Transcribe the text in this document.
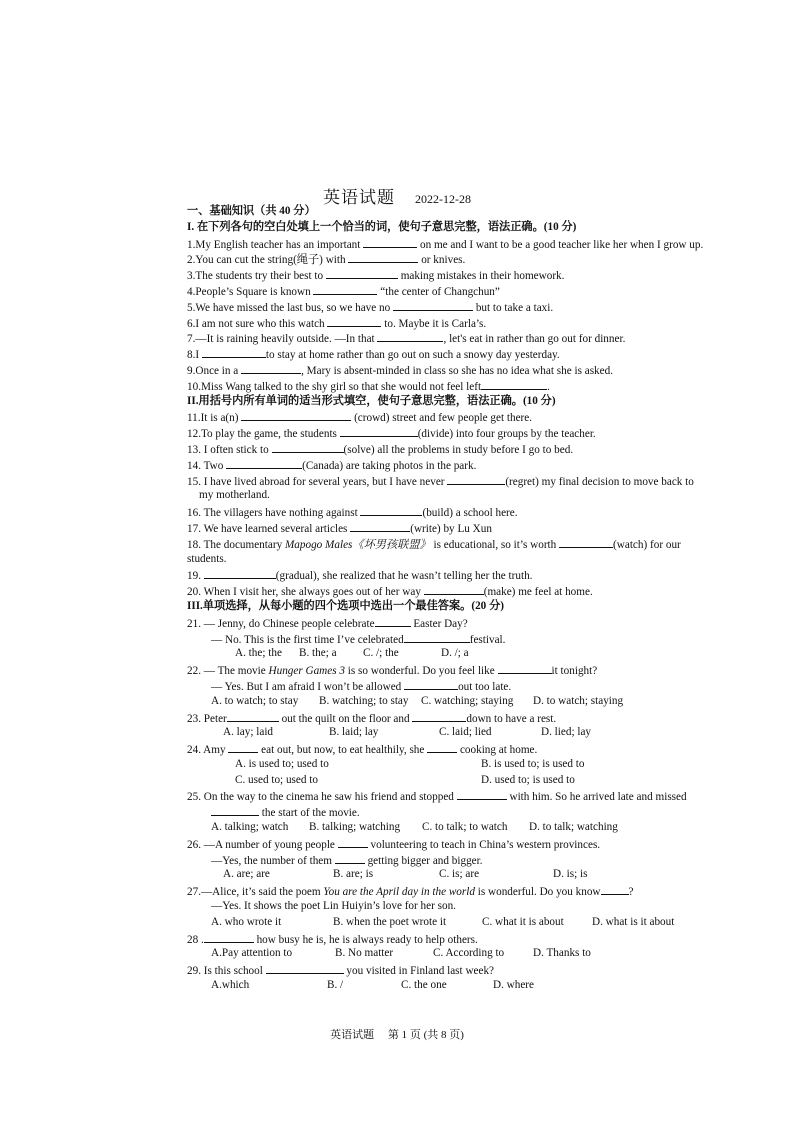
英语试题 2022-12-28
一、基础知识（共 40 分）
I. 在下列各句的空白处填上一个恰当的词，使句子意思完整，语法正确。(10 分)
1.My English teacher has an important	on me and I want to be a good teacher like her when I grow up.
2.You can cut the string(绳子) with	or knives.
3.The students try their best to	making mistakes in their homework.
4.People’s Square is known	“the center of Changchun”
5.We have missed the last bus, so we have no	but to take a taxi.
6.I am not sure who this watch	to. Maybe it is Carla’s.
7.—It is raining heavily outside. —In that	, let's eat in rather than go out for dinner.
8.I	to stay at home rather than go out on such a snowy day yesterday.
9.Once in a	, Mary is absent-minded in class so she has no idea what she is asked.
10.Miss Wang talked to the shy girl so that she would not feel left	.
II.用括号内所有单词的适当形式填空，使句子意思完整，语法正确。(10 分)
11.It is a(n)	(crowd) street and few people get there.
12.To play the game, the students	(divide) into four groups by the teacher.
13. I often stick to	(solve) all the problems in study before I go to bed.
14. Two	(Canada) are taking photos in the park.
15. I have lived abroad for several years, but I have never	(regret) my final decision to move back to
my motherland.
16. The villagers have nothing against	(build) a school here.
17. We have learned several articles	(write) by Lu Xun
18. The documentary Mapogo Males《坏男孩联盟》 is educational, so it’s worth	(watch) for our
students.
19.	(gradual), she realized that he wasn’t telling her the truth.
20. When I visit her, she always goes out of her way	(make) me feel at home.
III.单项选择，从每小题的四个选项中选出一个最佳答案。(20 分)
21. — Jenny, do Chinese people celebrate	Easter Day?
— No. This is the first time I’ve celebrated	festival.
A. the; the	B. the; a	C. /; the	D. /; a
22. — The movie Hunger Games 3 is so wonderful. Do you feel like	it tonight?
— Yes. But I am afraid I won’t be allowed	out too late.
A. to watch; to stay	B. watching; to stay	C. watching; staying	D. to watch; staying
23. Peter	out the quilt on the floor and	down to have a rest.
A. lay; laid	B. laid; lay	C. laid; lied	D. lied; lay
24. Amy	eat out, but now, to eat healthily, she	cooking at home.
A. is used to; used to	B. is used to; is used to
C. used to; used to	D. used to; is used to
25. On the way to the cinema he saw his friend and stopped	with him. So he arrived late and missed
the start of the movie.
A. talking; watch	B. talking; watching	C. to talk; to watch	D. to talk; watching
26. —A number of young people	volunteering to teach in China’s western provinces.
—Yes, the number of them	getting bigger and bigger.
A. are; are	B. are; is	C. is; are	D. is; is
27.—Alice, it’s said the poem You are the April day in the world is wonderful. Do you know	?
—Yes. It shows the poet Lin Huiyin’s love for her son.
A. who wrote it	B. when the poet wrote it	C. what it is about	D. what is it about
28 .	how busy he is, he is always ready to help others.
A.Pay attention to	B. No matter	C. According to	D. Thanks to
29. Is this school	you visited in Finland last week?
A.which	B. /	C. the one	D. where
英语试题　 第 1 页 (共 8 页)
